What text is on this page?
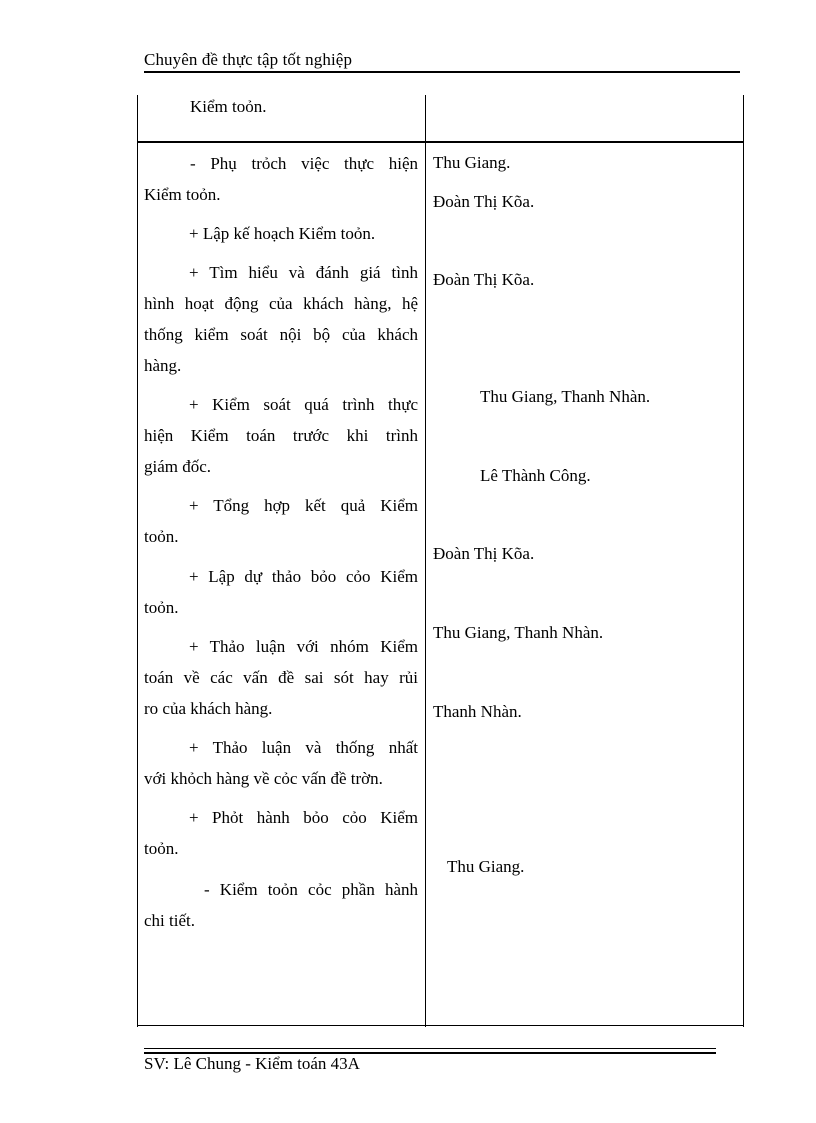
Chuyên đề thực tập tốt nghiệp
Kiểm toỏn.
- Phụ trỏch việc thực hiện
Kiểm toỏn.
+ Lập kế hoạch Kiểm toỏn.
+ Tìm hiểu và đánh giá tình
hình hoạt động của khách hàng, hệ
thống kiểm soát nội bộ của khách
hàng.
+ Kiểm soát quá trình thực
hiện Kiểm toán trước khi trình
giám đốc.
+ Tổng hợp kết quả Kiểm
toỏn.
+ Lập dự thảo bỏo cỏo Kiểm
toỏn.
+ Thảo luận với nhóm Kiểm
toán về các vấn đề sai sót hay rủi
ro của khách hàng.
+ Thảo luận và thống nhất
với khỏch hàng về cỏc vấn đề trờn.
+ Phỏt hành bỏo cỏo Kiểm
toỏn.
- Kiểm toỏn cỏc phần hành
chi tiết.
Thu Giang.
Đoàn Thị Kõa.
Đoàn Thị Kõa.
Thu Giang, Thanh Nhàn.
Lê Thành Công.
Đoàn Thị Kõa.
Thu Giang, Thanh Nhàn.
Thanh Nhàn.
Thu Giang.
SV: Lê Chung - Kiểm toán 43A
